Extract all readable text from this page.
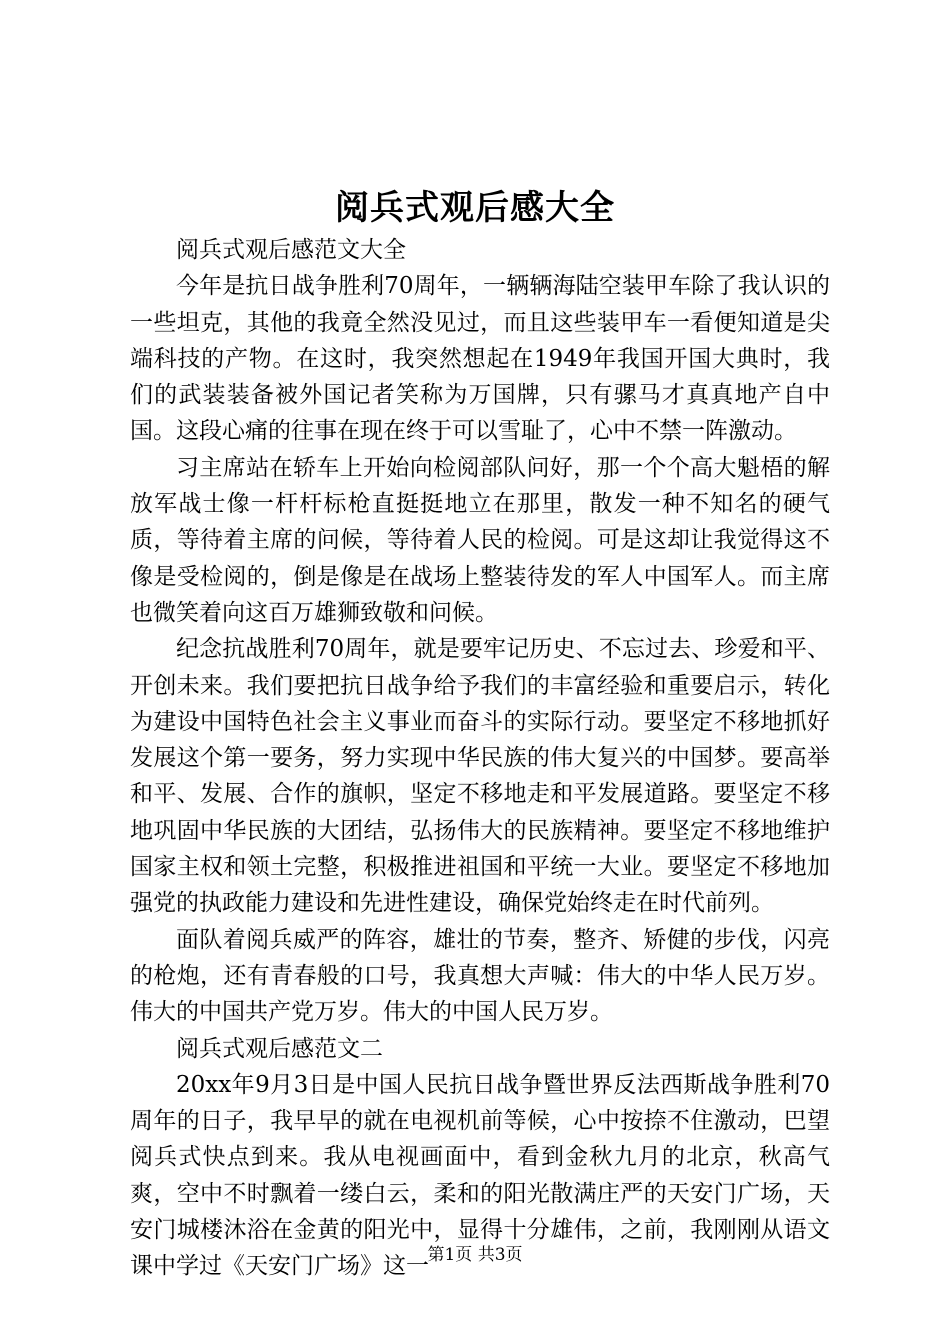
阅兵式观后感大全

阅兵式观后感范文大全

今年是抗日战争胜利70周年，一辆辆海陆空装甲车除了我认识的一些坦克，其他的我竟全然没见过，而且这些装甲车一看便知道是尖端科技的产物。在这时，我突然想起在1949年我国开国大典时，我们的武装装备被外国记者笑称为万国牌，只有骡马才真真地产自中国。这段心痛的往事在现在终于可以雪耻了，心中不禁一阵激动。

习主席站在轿车上开始向检阅部队问好，那一个个高大魁梧的解放军战士像一杆杆标枪直挺挺地立在那里，散发一种不知名的硬气质，等待着主席的问候，等待着人民的检阅。可是这却让我觉得这不像是受检阅的，倒是像是在战场上整装待发的军人中国军人。而主席也微笑着向这百万雄狮致敬和问候。

纪念抗战胜利70周年，就是要牢记历史、不忘过去、珍爱和平、开创未来。我们要把抗日战争给予我们的丰富经验和重要启示，转化为建设中国特色社会主义事业而奋斗的实际行动。要坚定不移地抓好发展这个第一要务，努力实现中华民族的伟大复兴的中国梦。要高举和平、发展、合作的旗帜，坚定不移地走和平发展道路。要坚定不移地巩固中华民族的大团结，弘扬伟大的民族精神。要坚定不移地维护国家主权和领土完整，积极推进祖国和平统一大业。要坚定不移地加强党的执政能力建设和先进性建设，确保党始终走在时代前列。

面队着阅兵威严的阵容，雄壮的节奏，整齐、矫健的步伐，闪亮的枪炮，还有青春般的口号，我真想大声喊：伟大的中华人民万岁。伟大的中国共产党万岁。伟大的中国人民万岁。

阅兵式观后感范文二

20xx年9月3日是中国人民抗日战争暨世界反法西斯战争胜利70周年的日子，我早早的就在电视机前等候，心中按捺不住激动，巴望阅兵式快点到来。我从电视画面中，看到金秋九月的北京，秋高气爽，空中不时飘着一缕白云，柔和的阳光散满庄严的天安门广场，天安门城楼沐浴在金黄的阳光中，显得十分雄伟，之前，我刚刚从语文课中学过《天安门广场》这一

第1页 共3页
